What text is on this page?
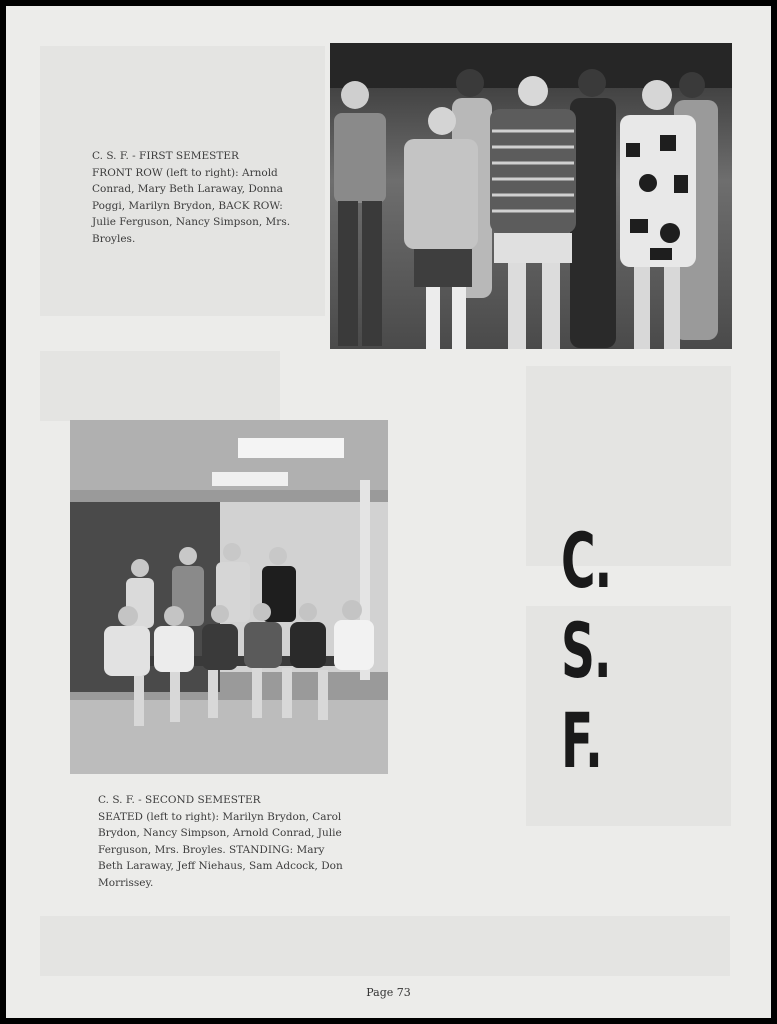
C. S. F. - FIRST SEMESTER

FRONT ROW (left to right): Arnold

Conrad, Mary Beth Laraway, Donna

Poggi, Marilyn Brydon, BACK ROW:

Julie Ferguson, Nancy Simpson, Mrs.

Broyles.

C. S. F. - SECOND SEMESTER

SEATED (left to right): Marilyn Brydon, Carol

Brydon, Nancy Simpson, Arnold Conrad, Julie

Ferguson, Mrs. Broyles. STANDING: Mary

Beth Laraway, Jeff Niehaus, Sam Adcock, Don

Morrissey.

C.
S.
F.
Page 73
